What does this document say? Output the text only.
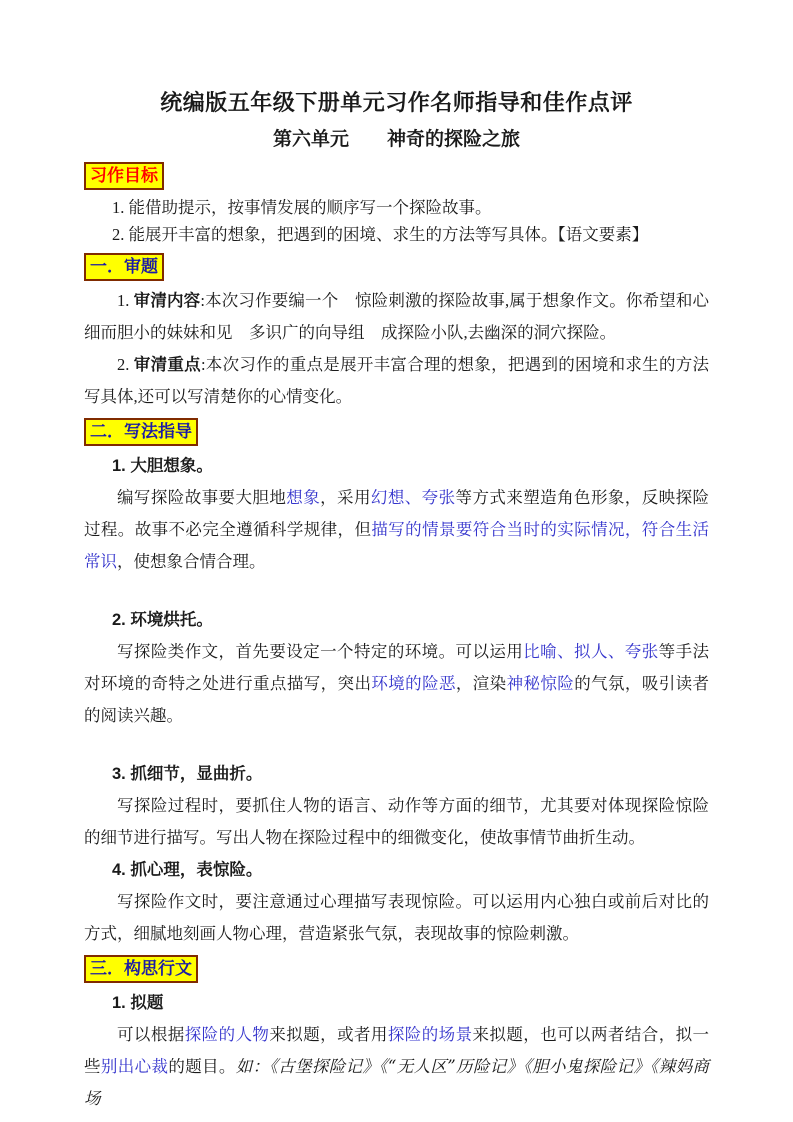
统编版五年级下册单元习作名师指导和佳作点评
第六单元　　神奇的探险之旅
习作目标

1. 能借助提示，按事情发展的顺序写一个探险故事。

2. 能展开丰富的想象，把遇到的困境、求生的方法等写具体。【语文要素】

一．审题

1. 审清内容:本次习作要编一个　惊险刺激的探险故事,属于想象作文。你希望和心细而胆小的妹妹和见　多识广的向导组　成探险小队,去幽深的洞穴探险。

2. 审清重点:本次习作的重点是展开丰富合理的想象，把遇到的困境和求生的方法写具体,还可以写清楚你的心情变化。

二．写法指导
1. 大胆想象。

编写探险故事要大胆地想象，采用幻想、夸张等方式来塑造角色形象，反映探险过程。故事不必完全遵循科学规律，但描写的情景要符合当时的实际情况，符合生活常识，使想象合情合理。

2. 环境烘托。

写探险类作文，首先要设定一个特定的环境。可以运用比喻、拟人、夸张等手法对环境的奇特之处进行重点描写，突出环境的险恶，渲染神秘惊险的气氛，吸引读者的阅读兴趣。

3. 抓细节，显曲折。

写探险过程时，要抓住人物的语言、动作等方面的细节，尤其要对体现探险惊险的细节进行描写。写出人物在探险过程中的细微变化，使故事情节曲折生动。

4. 抓心理，表惊险。

写探险作文时，要注意通过心理描写表现惊险。可以运用内心独白或前后对比的方式，细腻地刻画人物心理，营造紧张气氛，表现故事的惊险刺激。

三．构思行文
1. 拟题

可以根据探险的人物来拟题，或者用探险的场景来拟题，也可以两者结合，拟一些别出心裁的题目。如：《古堡探险记》《“无人区”历险记》《胆小鬼探险记》《辣妈商场
